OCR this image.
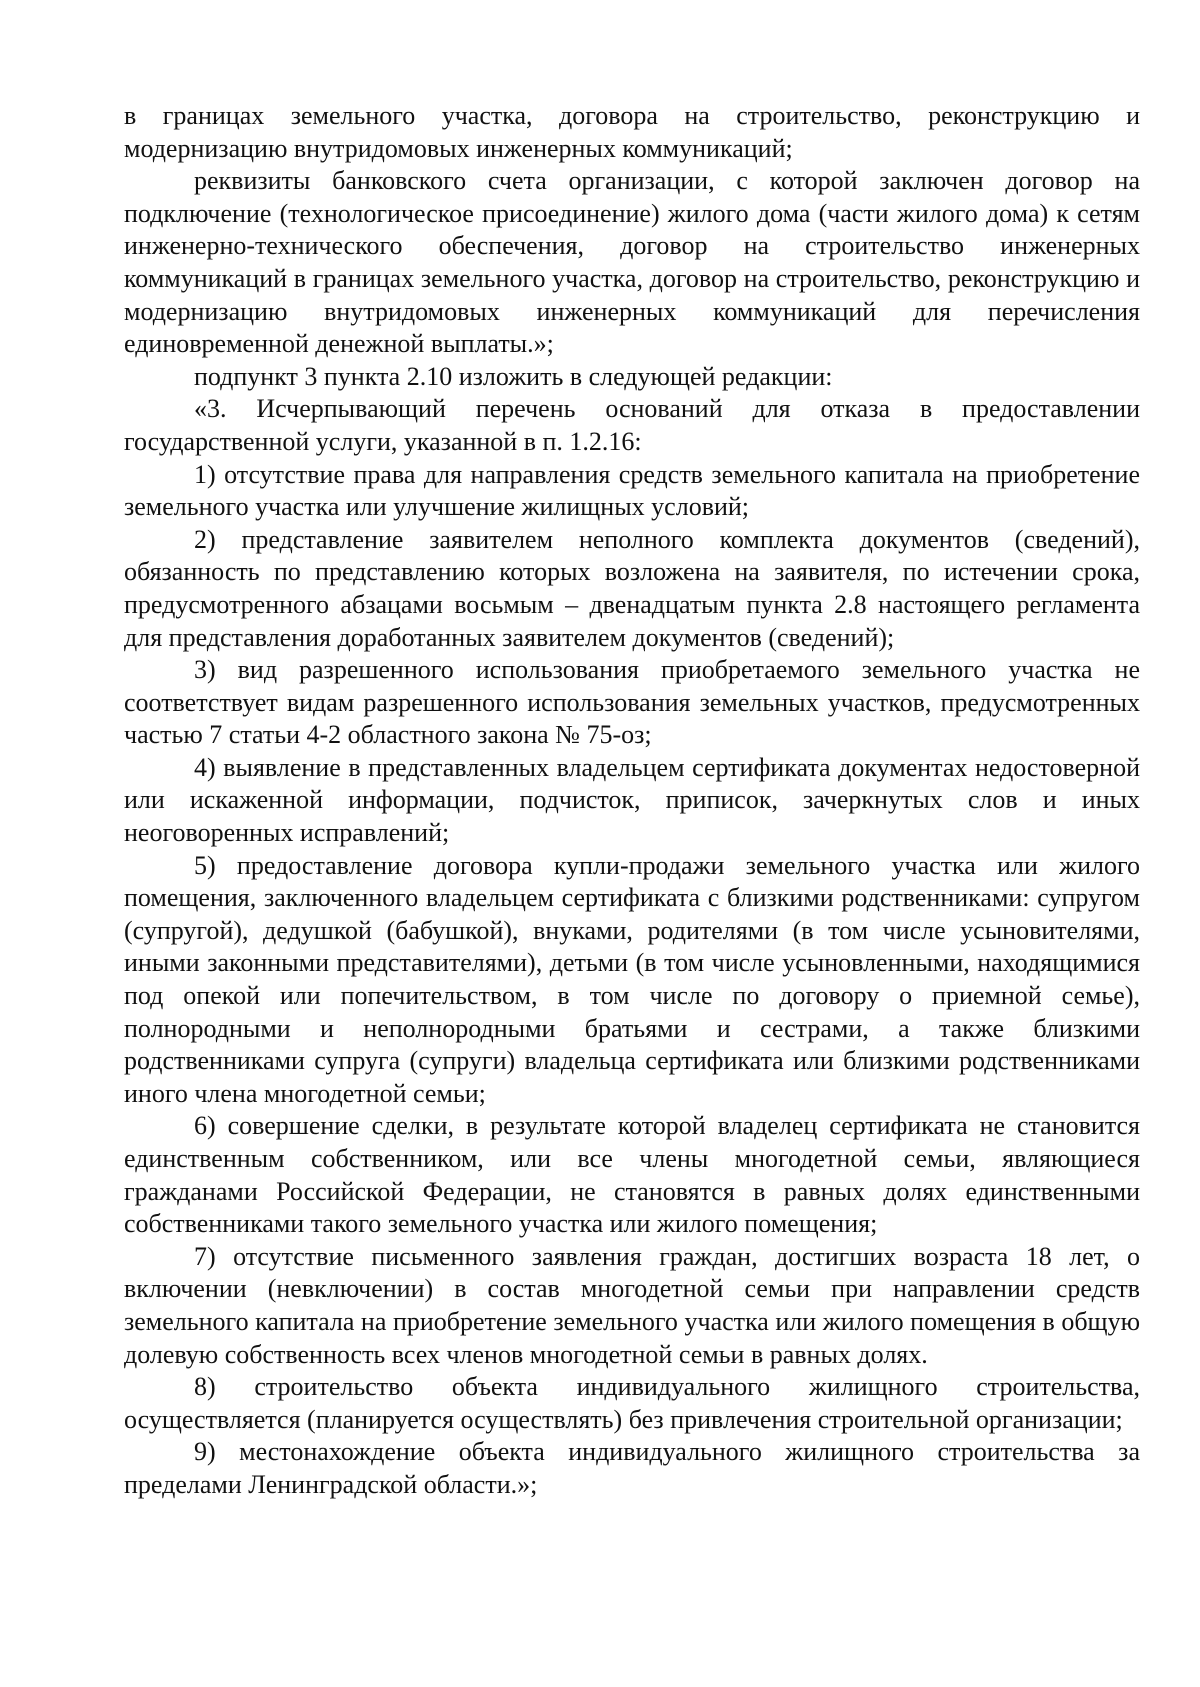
в границах земельного участка, договора на строительство, реконструкцию и модернизацию внутридомовых инженерных коммуникаций;

реквизиты банковского счета организации, с которой заключен договор на подключение (технологическое присоединение) жилого дома (части жилого дома) к сетям инженерно-технического обеспечения, договор на строительство инженерных коммуникаций в границах земельного участка, договор на строительство, реконструкцию и модернизацию внутридомовых инженерных коммуникаций для перечисления единовременной денежной выплаты.»;

подпункт 3 пункта 2.10 изложить в следующей редакции:

«3. Исчерпывающий перечень оснований для отказа в предоставлении государственной услуги, указанной в п. 1.2.16:

1) отсутствие права для направления средств земельного капитала на приобретение земельного участка или улучшение жилищных условий;

2) представление заявителем неполного комплекта документов (сведений), обязанность по представлению которых возложена на заявителя, по истечении срока, предусмотренного абзацами восьмым – двенадцатым пункта 2.8 настоящего регламента для представления доработанных заявителем документов (сведений);

3) вид разрешенного использования приобретаемого земельного участка не соответствует видам разрешенного использования земельных участков, предусмотренных частью 7 статьи 4-2 областного закона № 75-оз;

4) выявление в представленных владельцем сертификата документах недостоверной или искаженной информации, подчисток, приписок, зачеркнутых слов и иных неоговоренных исправлений;

5) предоставление договора купли-продажи земельного участка или жилого помещения, заключенного владельцем сертификата с близкими родственниками: супругом (супругой), дедушкой (бабушкой), внуками, родителями (в том числе усыновителями, иными законными представителями), детьми (в том числе усыновленными, находящимися под опекой или попечительством, в том числе по договору о приемной семье), полнородными и неполнородными братьями и сестрами, а также близкими родственниками супруга (супруги) владельца сертификата или близкими родственниками иного члена многодетной семьи;

6) совершение сделки, в результате которой владелец сертификата не становится единственным собственником, или все члены многодетной семьи, являющиеся гражданами Российской Федерации, не становятся в равных долях единственными собственниками такого земельного участка или жилого помещения;

7) отсутствие письменного заявления граждан, достигших возраста 18 лет, о включении (невключении) в состав многодетной семьи при направлении средств земельного капитала на приобретение земельного участка или жилого помещения в общую долевую собственность всех членов многодетной семьи в равных долях.

8) строительство объекта индивидуального жилищного строительства, осуществляется (планируется осуществлять) без привлечения строительной организации;

9) местонахождение объекта индивидуального жилищного строительства за пределами Ленинградской области.»;
